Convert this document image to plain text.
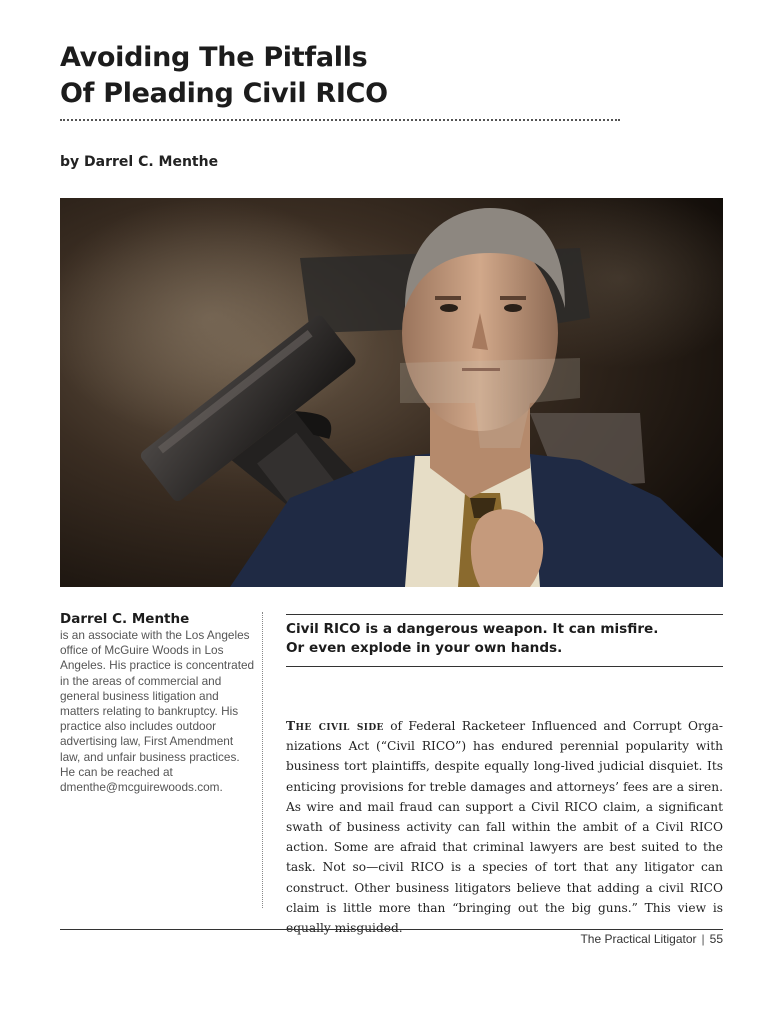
Avoiding The Pitfalls
Of Pleading Civil RICO

by Darrel C. Menthe

Darrel C. Menthe
is an associate with the Los Angeles office of McGuire Woods in Los Angeles. His practice is concentrated in the areas of commercial and general business litigation and matters relating to bankruptcy. His practice also includes outdoor advertising law, First Amendment law, and unfair business practices. He can be reached at dmenthe@mcguirewoods.com.
Civil RICO is a dangerous weapon. It can misfire.
Or even explode in your own hands.
The civil side of Federal Racketeer Influenced and Corrupt Organizations Act (“Civil RICO”) has endured perennial popularity with business tort plaintiffs, despite equally long-lived judicial disquiet. Its enticing provisions for treble damages and attorneys’ fees are a siren. As wire and mail fraud can support a Civil RICO claim, a significant swath of business activity can fall within the ambit of a Civil RICO action. Some are afraid that criminal lawyers are best suited to the task. Not so—civil RICO is a species of tort that any litigator can construct. Other business litigators believe that adding a civil RICO claim is little more than “bringing out the big guns.” This view is equally misguided.
The Practical Litigator | 55
